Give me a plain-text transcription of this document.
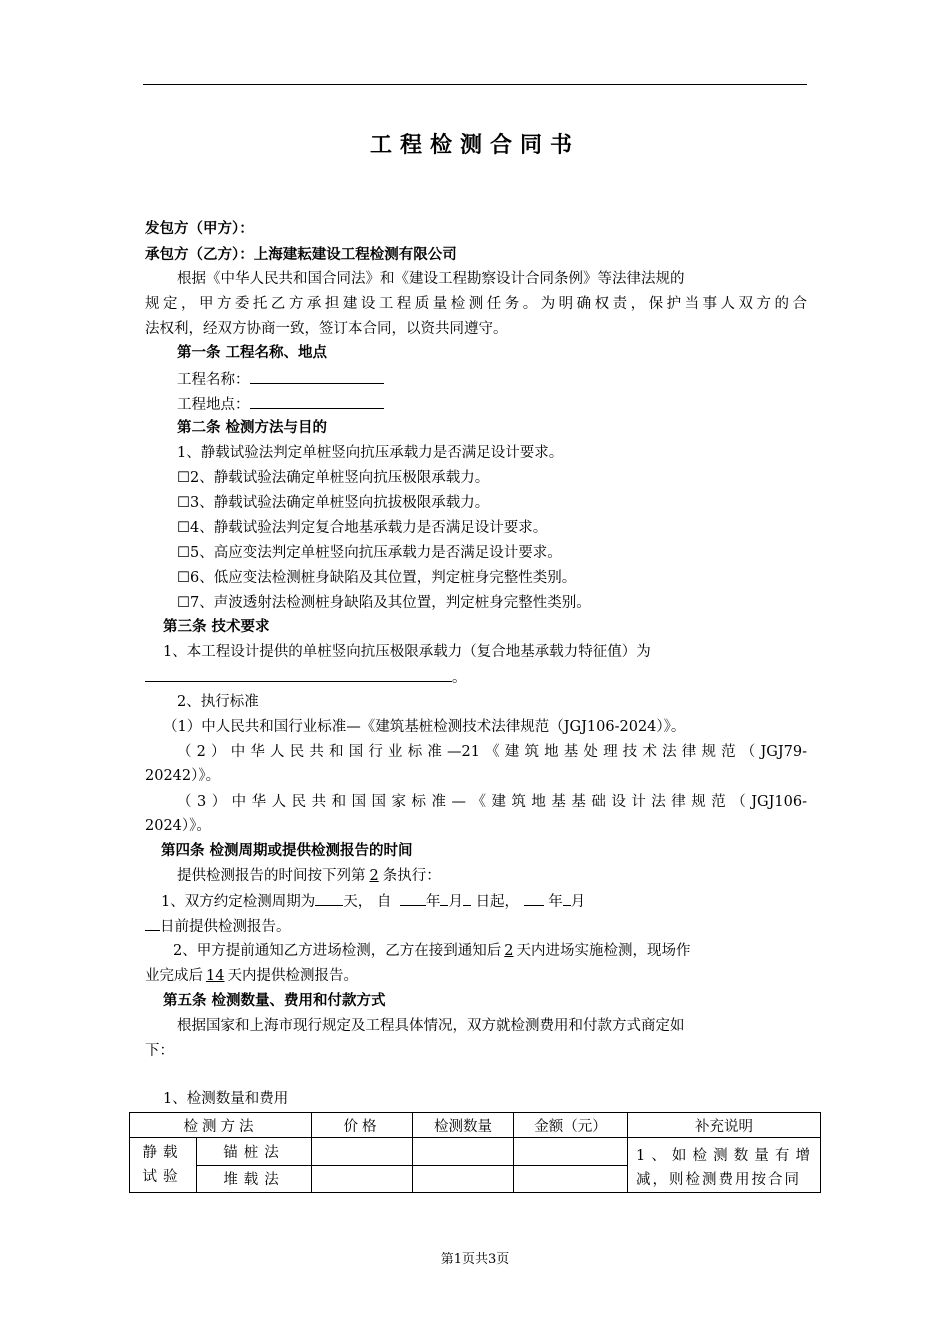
工程检测合同书
发包方（甲方）：
承包方（乙方）：上海建耘建设工程检测有限公司
根据《中华人民共和国合同法》和《建设工程勘察设计合同条例》等法律法规的
规定，甲方委托乙方承担建设工程质量检测任务。为明确权责，保护当事人双方的合
法权利，经双方协商一致，签订本合同，以资共同遵守。
第一条 工程名称、地点
工程名称：
工程地点：
第二条 检测方法与目的
1、静载试验法判定单桩竖向抗压承载力是否满足设计要求。
☐2、静载试验法确定单桩竖向抗压极限承载力。
☐3、静载试验法确定单桩竖向抗拔极限承载力。
☐4、静载试验法判定复合地基承载力是否满足设计要求。
☐5、高应变法判定单桩竖向抗压承载力是否满足设计要求。
☐6、低应变法检测桩身缺陷及其位置，判定桩身完整性类别。
☐7、声波透射法检测桩身缺陷及其位置，判定桩身完整性类别。
第三条 技术要求
1、本工程设计提供的单桩竖向抗压极限承载力（复合地基承载力特征值）为
。
2、执行标准
（1）中人民共和国行业标准—《建筑基桩检测技术法律规范（JGJ106-2024）》。
（2）中华人民共和国行业标准—21《建筑地基处理技术法律规范（JGJ79-
20242）》。
（3）中华人民共和国国家标准—《建筑地基基础设计法律规范（JGJ106-
2024）》。
第四条 检测周期或提供检测报告的时间
提供检测报告的时间按下列第 2 条执行：
1、双方约定检测周期为 天， 自 年 月 日起， 年 月
日前提供检测报告。
2、甲方提前通知乙方进场检测，乙方在接到通知后 2 天内进场实施检测，现场作
业完成后 14 天内提供检测报告。
第五条 检测数量、费用和付款方式
根据国家和上海市现行规定及工程具体情况，双方就检测费用和付款方式商定如
下：
1、检测数量和费用
检测方法		价格	检测数量	金额（元）	补充说明
静载试验	锚桩法				1、如检测数量有增减，则检测费用按合同
	堆载法				
第1页共3页
